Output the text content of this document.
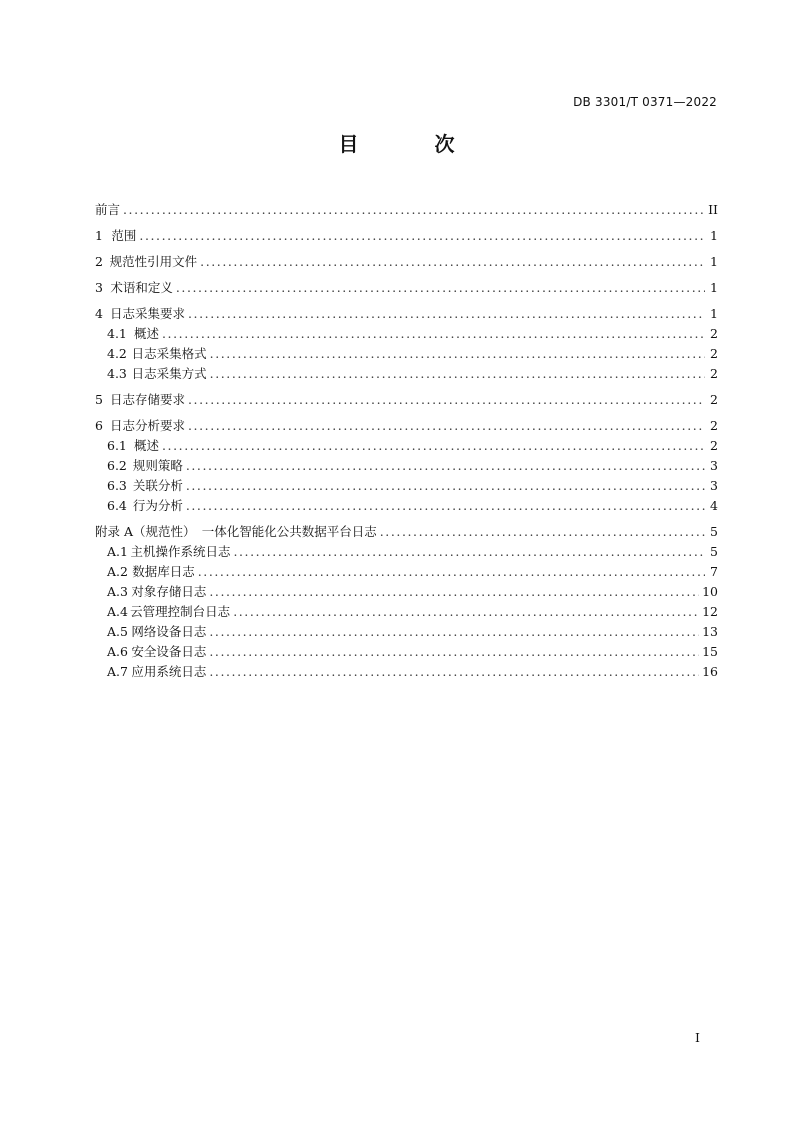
DB 3301/T 0371—2022
目　次
前言 . . .	II
1 范围 . . .	1
2 规范性引用文件 . . .	1
3 术语和定义 . . .	1
4 日志采集要求 . . .	1
4.1 概述 . . .	2
4.2 日志采集格式 . . .	2
4.3 日志采集方式 . . .	2
5 日志存储要求 . . .	2
6 日志分析要求 . . .	2
6.1 概述 . . .	2
6.2 规则策略 . . .	3
6.3 关联分析 . . .	3
6.4 行为分析 . . .	4
附录 A（规范性）　一体化智能化公共数据平台日志 . . .	5
A.1 主机操作系统日志 . . .	5
A.2 数据库日志 . . .	7
A.3 对象存储日志 . . .	10
A.4 云管理控制台日志 . . .	12
A.5 网络设备日志 . . .	13
A.6 安全设备日志 . . .	15
A.7 应用系统日志 . . .	16
I
